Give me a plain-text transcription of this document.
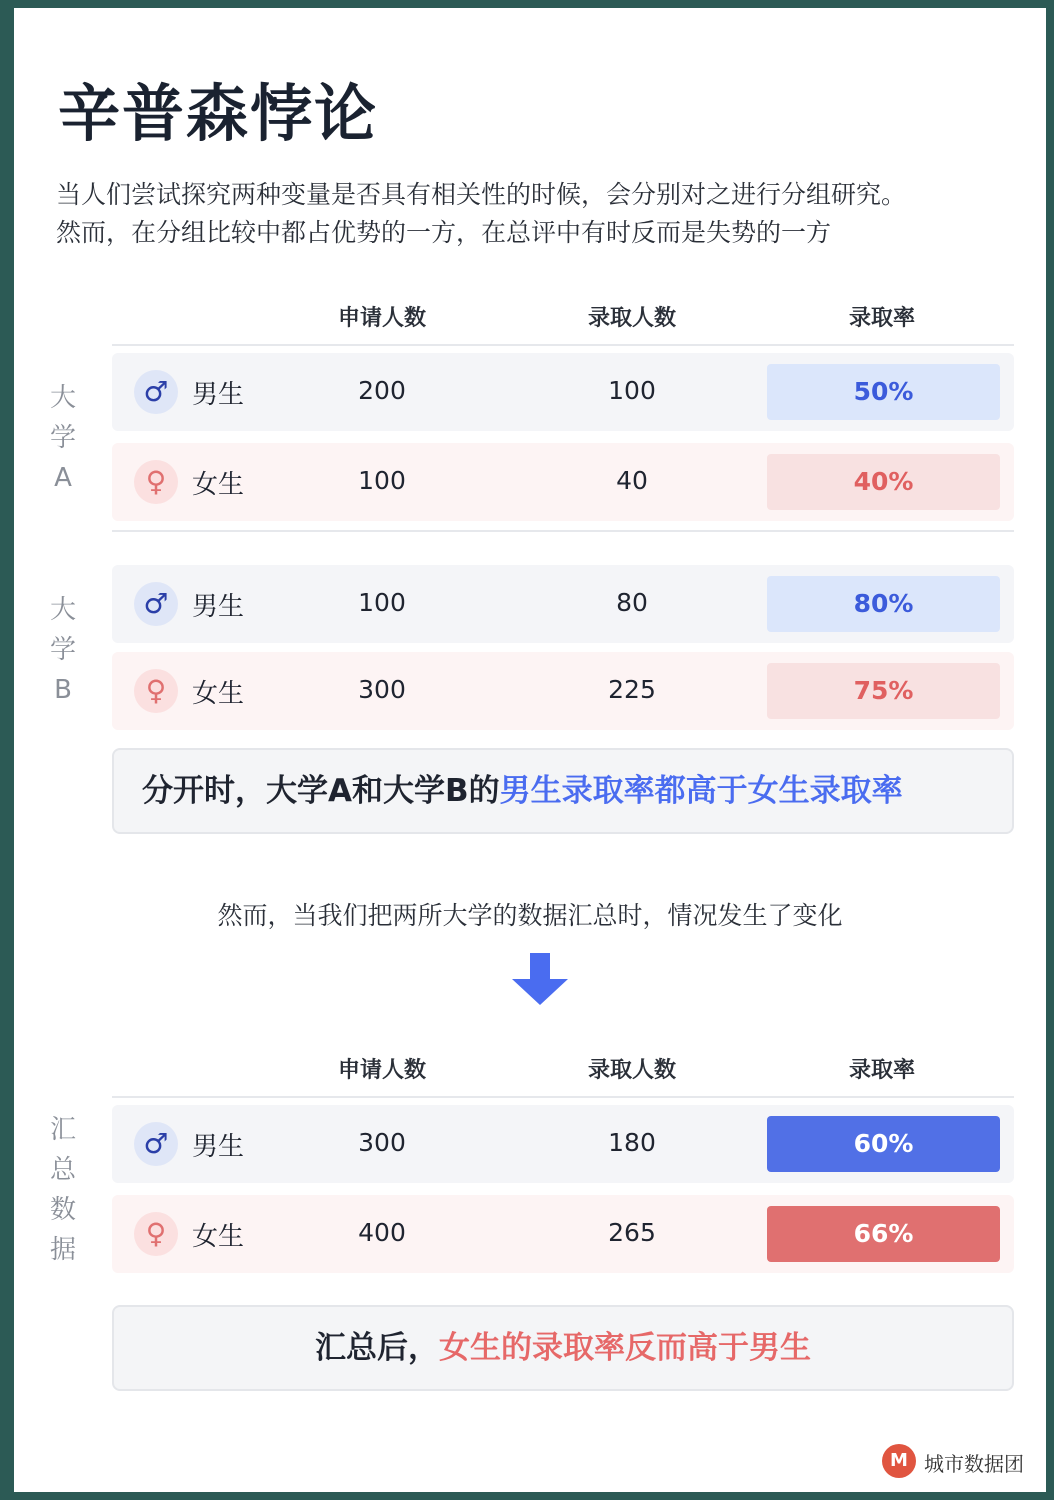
辛普森悖论

当人们尝试探究两种变量是否具有相关性的时候，会分别对之进行分组研究。

然而，在分组比较中都占优势的一方，在总评中有时反而是失势的一方

申请人数	录取人数	录取率
大
学
A
♂ 男生	200	100	50%
♀ 女生	100	40	40%
大
学
B
♂ 男生	100	80	80%
♀ 女生	300	225	75%
分开时，大学A和大学B的男生录取率都高于女生录取率
然而，当我们把两所大学的数据汇总时，情况发生了变化
申请人数	录取人数	录取率
汇
总
数
据
♂ 男生	300	180	60%
♀ 女生	400	265	66%
汇总后，女生的录取率反而高于男生
M 城市数据团
